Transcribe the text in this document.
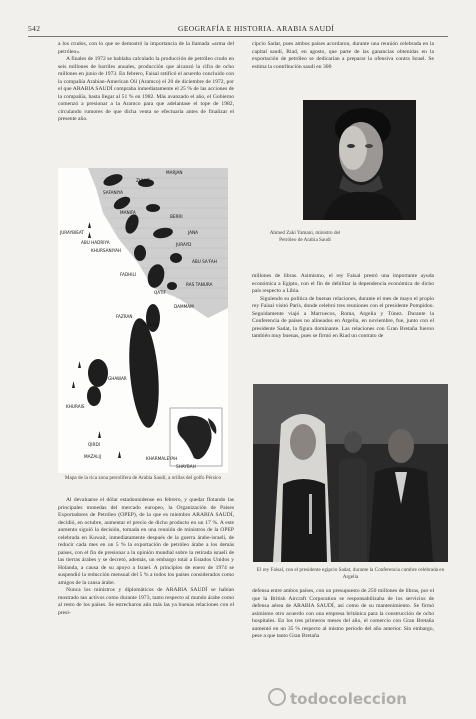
542	GEOGRAFÍA E HISTORIA. ARABIA SAUDÍ

a los crudos, con lo que se demostró la importancia de la llamada «arma del petróleo».

A finales de 1972 se hablaba calculado la producción de petróleo crudo en seis millones de barriles anuales, producción que alcanzó la cifra de ocho millones en junio de 1973. En febrero, Faisal ratificó el acuerdo concluido con la compañía Arabian-American Oil (Aramco) el 20 de diciembre de 1972, por el que ARABIA SAUDÍ compraba inmediatamente el 25 % de las acciones de la compañía, hasta llegar al 51 % en 1982. Más avanzado el año, el Gobierno comenzó a presionar a la Aramco para que adelantase el tope de 1982, circulando rumores de que dicha venta se efectuaría antes de finalizar el presente año.

cipcio Sadat, pues ambos países acordaron, durante una reunión celebrada en la capital saudí, Riad, en agosto, que parte de las ganancias obtenidas en la exportación de petróleo se dedicarían a preparar la ofensiva contra Israel. Se estima la contribución saudí en 300

Ahmed Zaki Yamani, ministro del Petróleo de Arabia Saudí

millones de libras. Asimismo, el rey Faisal prestó una importante ayuda económica a Egipto, con el fin de debilitar la dependencia económica de dicho país respecto a Libia.

Siguiendo su política de buenas relaciones, durante el mes de mayo el propio rey Faisal visitó París, donde celebró tres reuniones con el presidente Pompidou. Seguidamente viajó a Marruecos, Roma, Argelia y Túnez. Durante la Conferencia de países no alineados en Argelia, en noviembre, fue, junto con el presidente Sadat, la figura dominante. Las relaciones con Gran Bretaña fueron también muy buenas, pues se firmó en Riad un contrato de

MARJAN
ZULUF
SAFANIYA
MANIFA
ABU HADRIYA
KHURSANIYAH
FADHILI
JURAYBIEAT
QATIF
BERRI
JANA
JURAYD
ABU SA'FAH
RAS TANURA
DAMMAM
ABQAIQ
FAZRAN
GHAWAR
KHURAIS
QIRDI
MAZALIJ
SHAYBAH
KHARMALEYAH
Mapa de la rica zona petrolífera de Arabia Saudí, a orillas del golfo Pérsico

Al devaluarse el dólar estadounidense en febrero, y quedar flotando las principales monedas del mercado europeo, la Organización de Países Exportadores de Petróleo (OPEP), de la que es miembro ARABIA SAUDÍ, decidió, en octubre, aumentar el precio de dicho producto en un 17 %. A este aumento siguió la decisión, tomada en una reunión de ministros de la OPEP celebrada en Kuwait, inmediatamente después de la guerra árabe-israelí, de reducir cada mes en un 5 % la exportación de petróleo árabe a los demás países, con el fin de presionar a la opinión mundial sobre la retirada israelí de las tierras árabes y se decretó, además, un embargo total a Estados Unidos y Holanda, a causa de su apoyo a Israel. A principios de enero de 1974 se suspendió la reducción mensual del 5 % a todos los países considerados como amigos de la causa árabe.

Nunca los ministros y diplomáticos de ARABIA SAUDÍ se habían mostrado tan activos como durante 1973, tanto respecto al mundo árabe como al resto de los países. Se estrecharon aún más las ya buenas relaciones con el presi-

El rey Faisal, con el presidente egipcio Sadat, durante la Conferencia cumbre celebrada en Argelia

defensa entre ambos países, con un presupuesto de 250 millones de libras, por el que la British Aircraft Corporation se responsabilizaba de los servicios de defensa aérea de ARABIA SAUDÍ, así como de su mantenimiento. Se firmó asimismo otro acuerdo con una empresa británica para la construcción de ocho hospitales. En los tres primeros meses del año, el comercio con Gran Bretaña aumentó en un 35 % respecto al mismo período del año anterior. Sin embargo, pese a que tanto Gran Bretaña

todocoleccion
